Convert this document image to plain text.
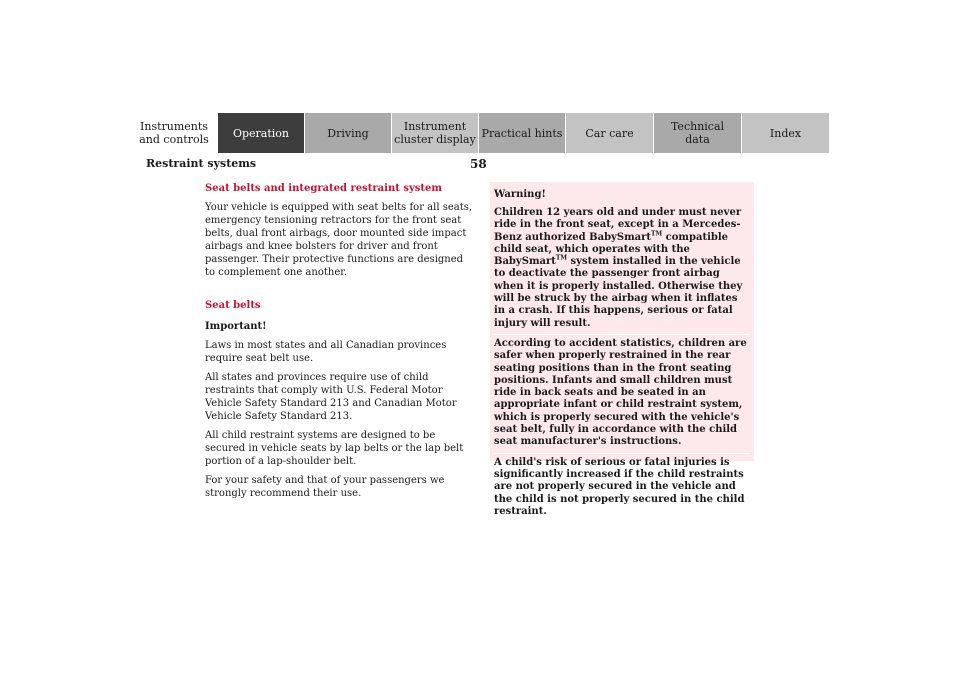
Instruments
and controls Operation	Driving	Instrument
cluster display Practical hints Car care	Technical
data	Index
Restraint systems	58

Seat belts and integrated restraint system

Your vehicle is equipped with seat belts for all seats, emergency tensioning retractors for the front seat belts, dual front airbags, door mounted side impact airbags and knee bolsters for driver and front passenger. Their protective functions are designed to complement one another.

Seat belts

Important!

Laws in most states and all Canadian provinces require seat belt use.

All states and provinces require use of child restraints that comply with U.S. Federal Motor Vehicle Safety Standard 213 and Canadian Motor Vehicle Safety Standard 213.

All child restraint systems are designed to be secured in vehicle seats by lap belts or the lap belt portion of a lap-shoulder belt.

For your safety and that of your passengers we strongly recommend their use.

Warning!

Children 12 years old and under must never ride in the front seat, except in a Mercedes-Benz authorized BabySmart™ compatible child seat, which operates with the BabySmart™ system installed in the vehicle to deactivate the passenger front airbag when it is properly installed. Otherwise they will be struck by the airbag when it inflates in a crash. If this happens, serious or fatal injury will result.

According to accident statistics, children are safer when properly restrained in the rear seating positions than in the front seating positions. Infants and small children must ride in back seats and be seated in an appropriate infant or child restraint system, which is properly secured with the vehicle's seat belt, fully in accordance with the child seat manufacturer's instructions.

A child's risk of serious or fatal injuries is significantly increased if the child restraints are not properly secured in the vehicle and the child is not properly secured in the child restraint.
